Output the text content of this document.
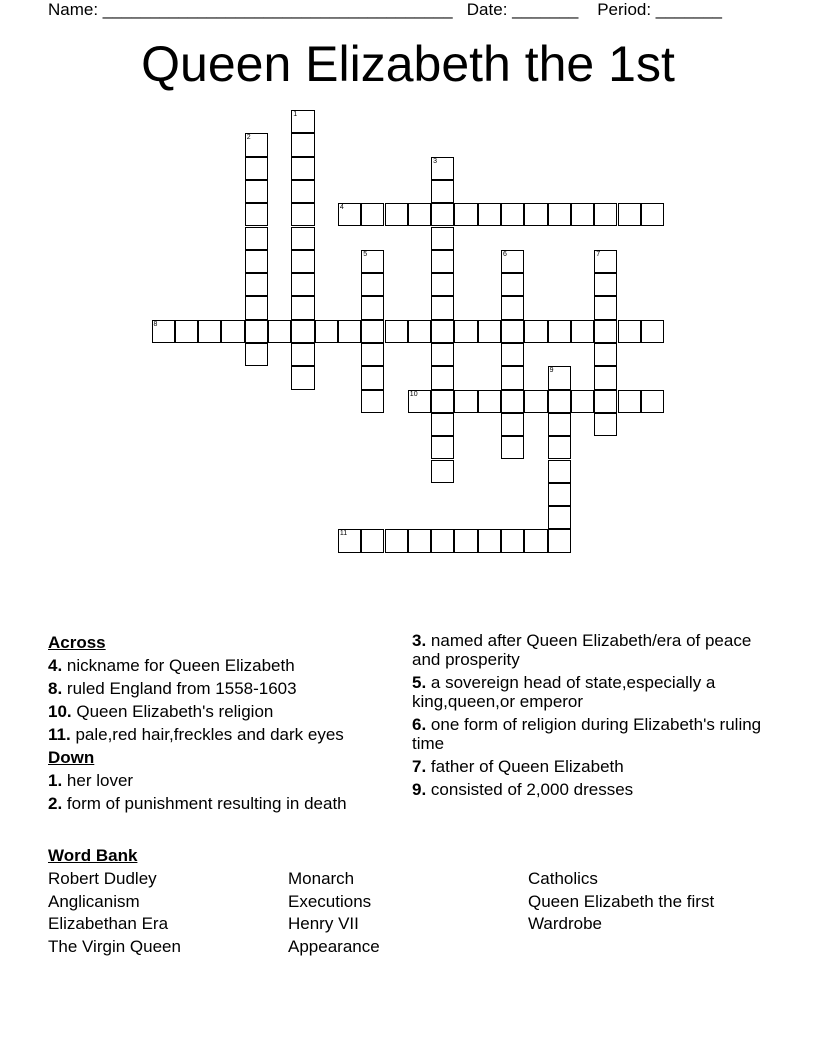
Name: _____________________________________   Date: _______    Period: _______
Queen Elizabeth the 1st
1
2
3
4
5	6	7
8
9
10
11
Across
4. nickname for Queen Elizabeth
8. ruled England from 1558-1603
10. Queen Elizabeth's religion
11. pale,red hair,freckles and dark eyes
Down
1. her lover
2. form of punishment resulting in death
3. named after Queen Elizabeth/era of peace and prosperity
5. a sovereign head of state,especially a king,queen,or emperor
6. one form of religion during Elizabeth's ruling time
7. father of Queen Elizabeth
9. consisted of 2,000 dresses
Word Bank
Robert Dudley
Anglicanism
Elizabethan Era
The Virgin Queen
Monarch
Executions
Henry VII
Appearance
Catholics
Queen Elizabeth the first
Wardrobe
